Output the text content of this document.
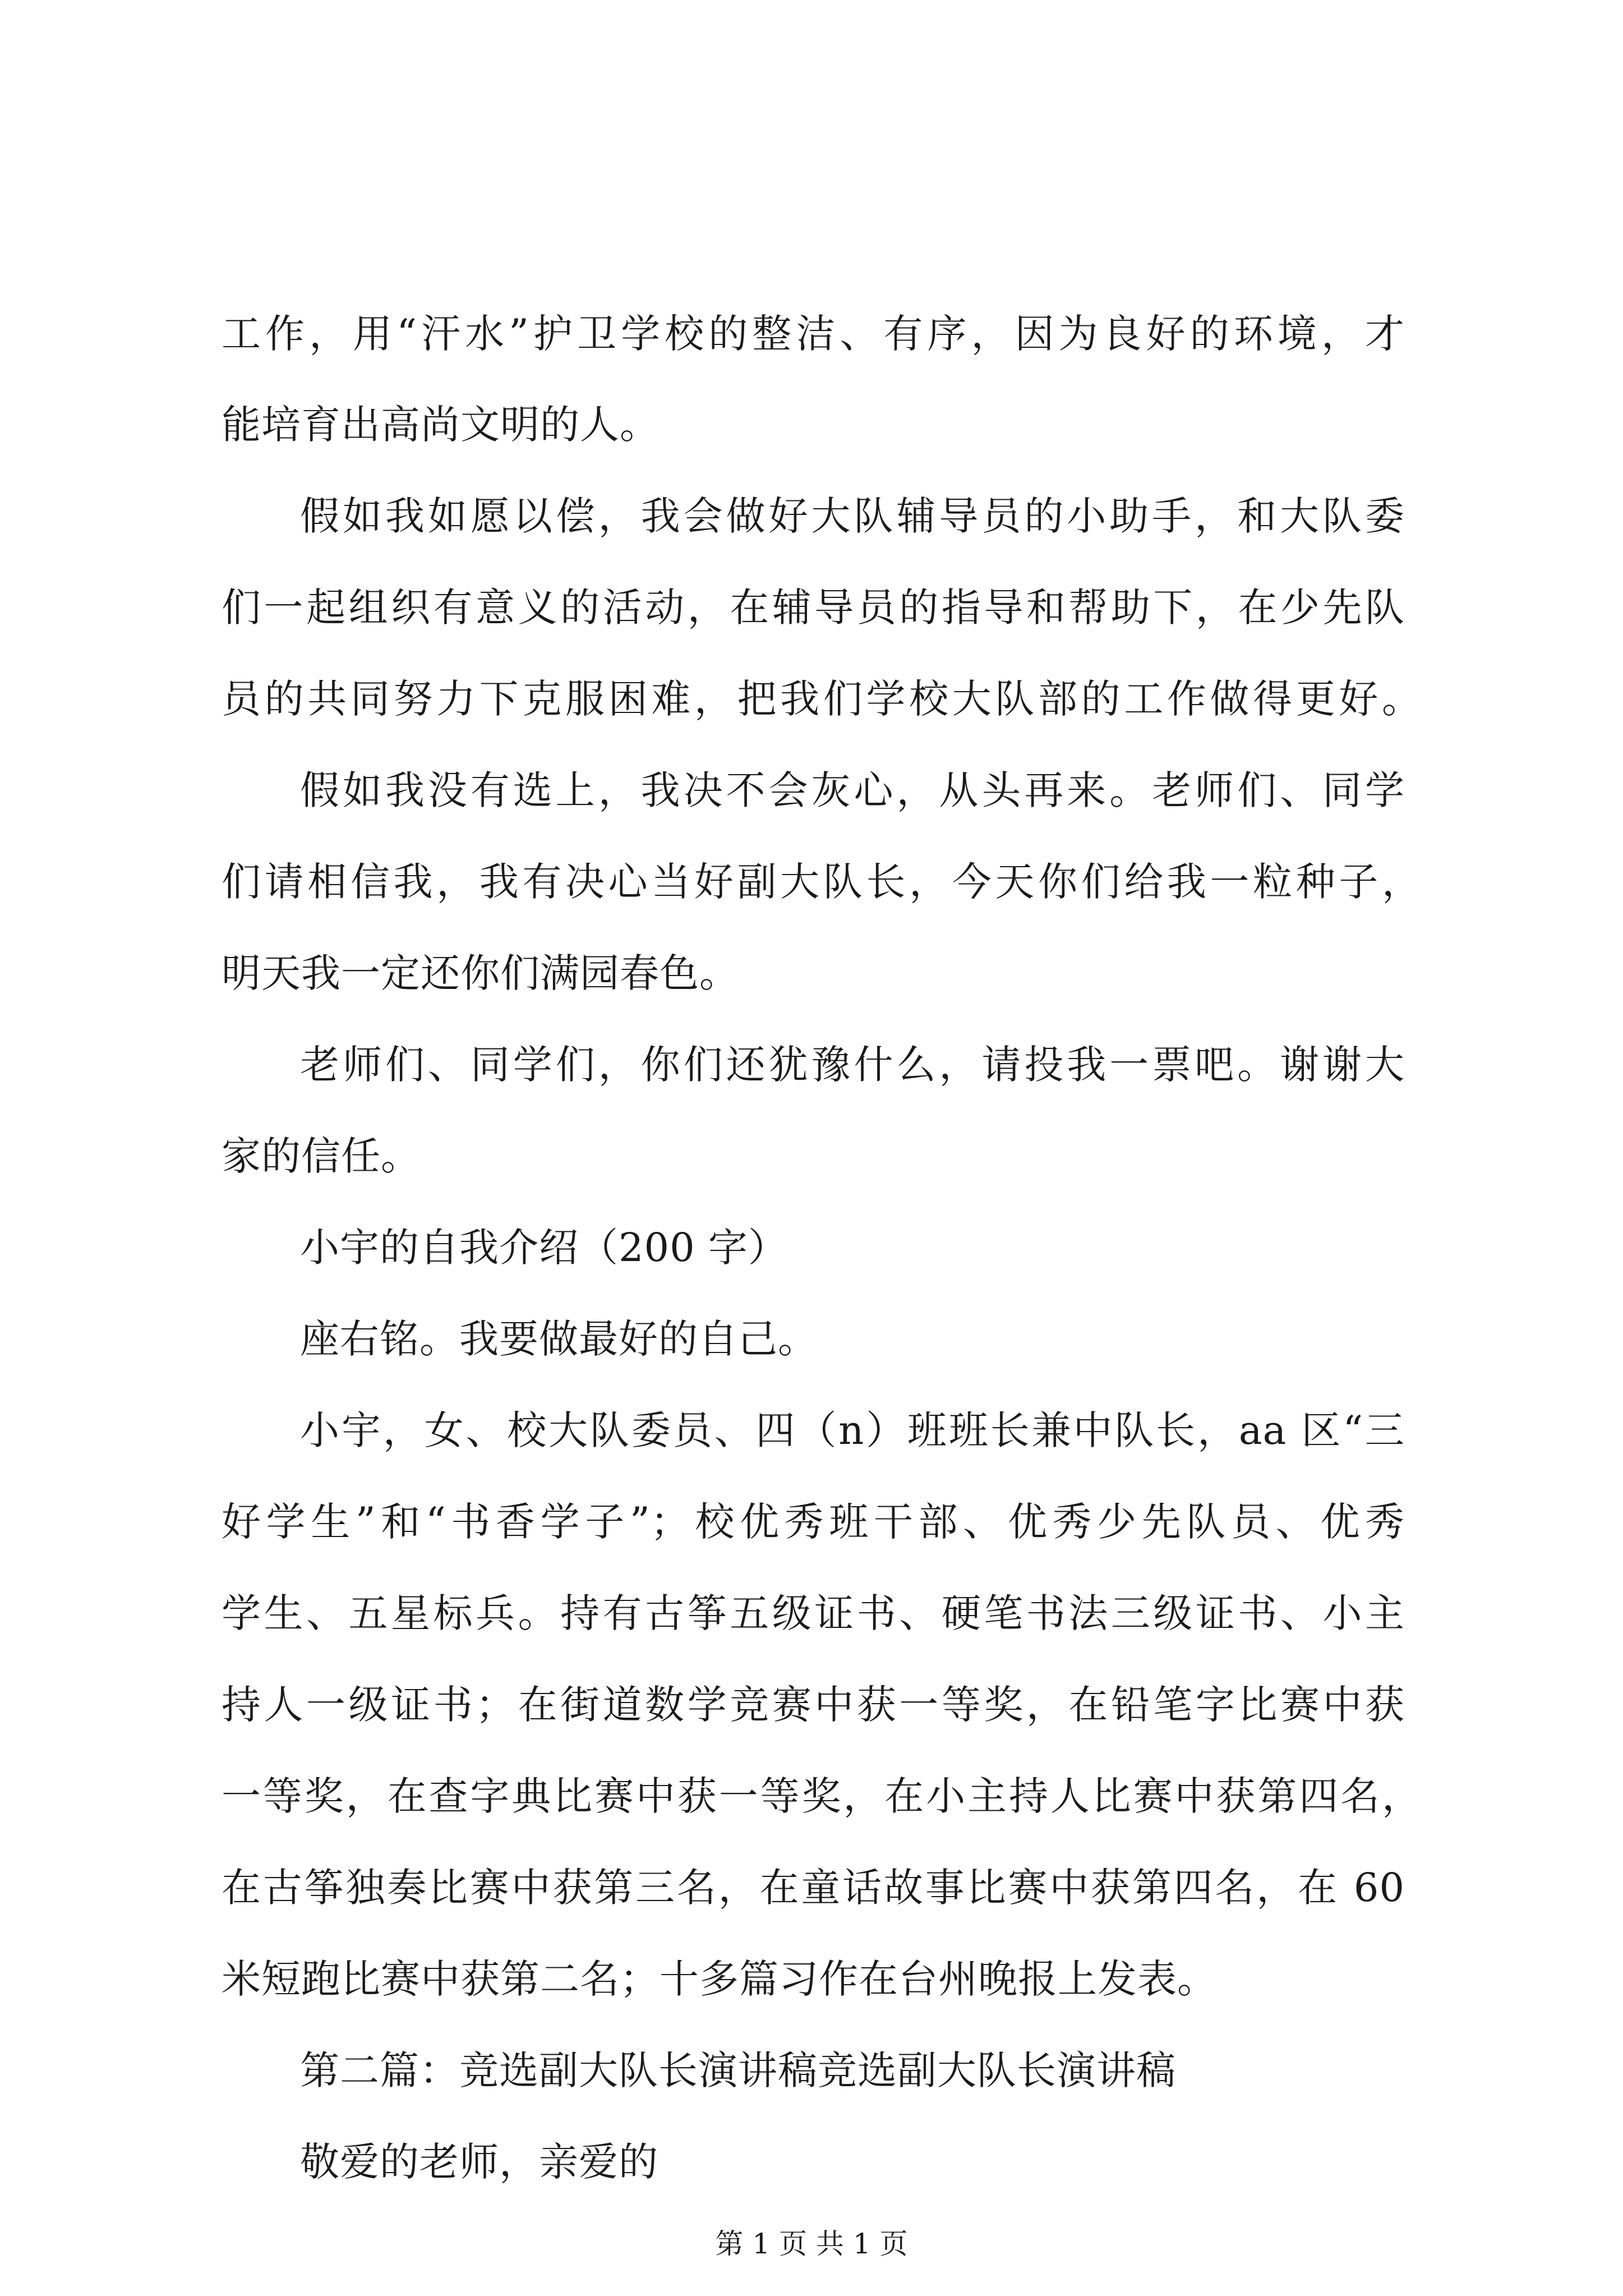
工作，用“汗水”护卫学校的整洁、有序，因为良好的环境，才
能培育出高尚文明的人。
假如我如愿以偿，我会做好大队辅导员的小助手，和大队委
们一起组织有意义的活动，在辅导员的指导和帮助下，在少先队
员的共同努力下克服困难，把我们学校大队部的工作做得更好。
假如我没有选上，我决不会灰心，从头再来。老师们、同学
们请相信我，我有决心当好副大队长，今天你们给我一粒种子，
明天我一定还你们满园春色。
老师们、同学们，你们还犹豫什么，请投我一票吧。谢谢大
家的信任。
小宇的自我介绍（200 字）
座右铭。我要做最好的自己。
小宇，女、校大队委员、四（n）班班长兼中队长，aa 区“三
好学生”和“书香学子”；校优秀班干部、优秀少先队员、优秀
学生、五星标兵。持有古筝五级证书、硬笔书法三级证书、小主
持人一级证书；在街道数学竞赛中获一等奖，在铅笔字比赛中获
一等奖，在查字典比赛中获一等奖，在小主持人比赛中获第四名，
在古筝独奏比赛中获第三名，在童话故事比赛中获第四名，在 60
米短跑比赛中获第二名；十多篇习作在台州晚报上发表。
第二篇：竞选副大队长演讲稿竞选副大队长演讲稿
敬爱的老师，亲爱的
第 1 页 共 1 页
